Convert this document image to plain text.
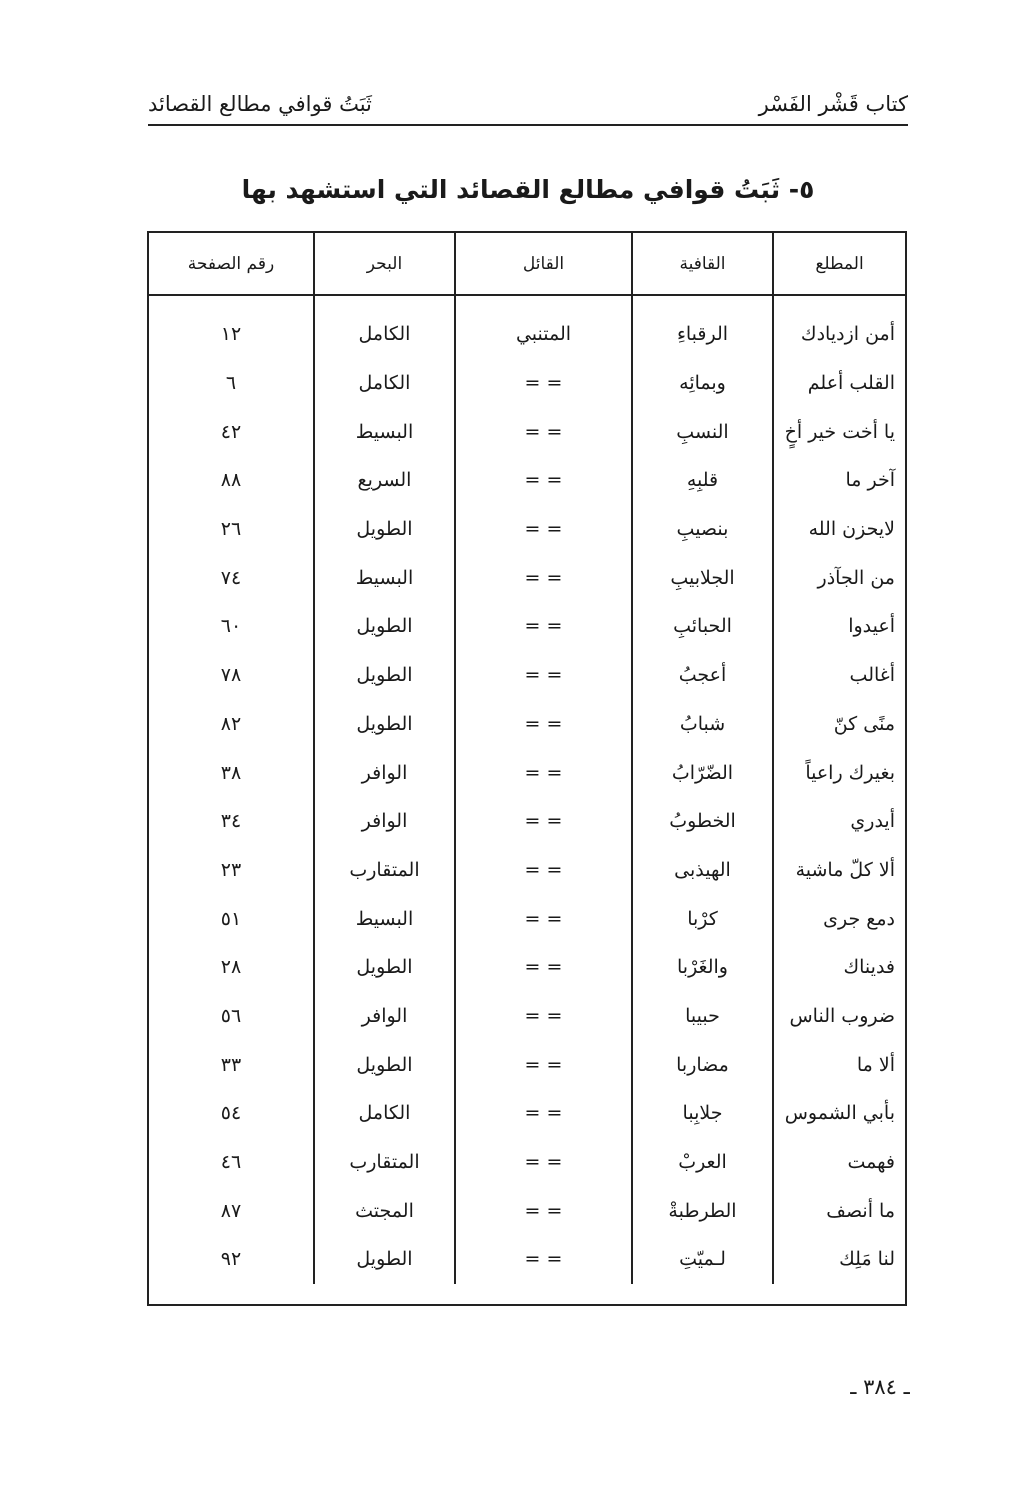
كتاب قَشْر الفَسْر
ثَبَتُ قوافي مطالع القصائد
٥- ثَبَتُ قوافي مطالع القصائد التي استشهد بها
المطلع	القافية	القائل	البحر	رقم الصفحة
أمن ازديادك	الرقباءِ	المتنبي	الكامل	١٢
القلب أعلم	وبمائِه	= =	الكامل	٦
يا أخت خير أخٍ	النسبِ	= =	البسيط	٤٢
آخر ما	قلبِهِ	= =	السريع	٨٨
لايحزن الله	بنصيبِ	= =	الطويل	٢٦
من الجآذر	الجلابيبِ	= =	البسيط	٧٤
أعيدوا	الحبائبِ	= =	الطويل	٦٠
أغالب	أعجبُ	= =	الطويل	٧٨
منًى كنّ	شبابُ	= =	الطويل	٨٢
بغيرك راعياً	الضّرّابُ	= =	الوافر	٣٨
أيدري	الخطوبُ	= =	الوافر	٣٤
ألا كلّ ماشية	الهيذبى	= =	المتقارب	٢٣
دمع جرى	كرْبا	= =	البسيط	٥١
فديناك	والغَرْبا	= =	الطويل	٢٨
ضروب الناس	حبيبا	= =	الوافر	٥٦
ألا ما	مضاربا	= =	الطويل	٣٣
بأبي الشموس	جلابِبا	= =	الكامل	٥٤
فهمت	العربْ	= =	المتقارب	٤٦
ما أنصف	الطرطبةْ	= =	المجتث	٨٧
لنا مَلِك	لـميّتِ	= =	الطويل	٩٢
ـ ٣٨٤ ـ
